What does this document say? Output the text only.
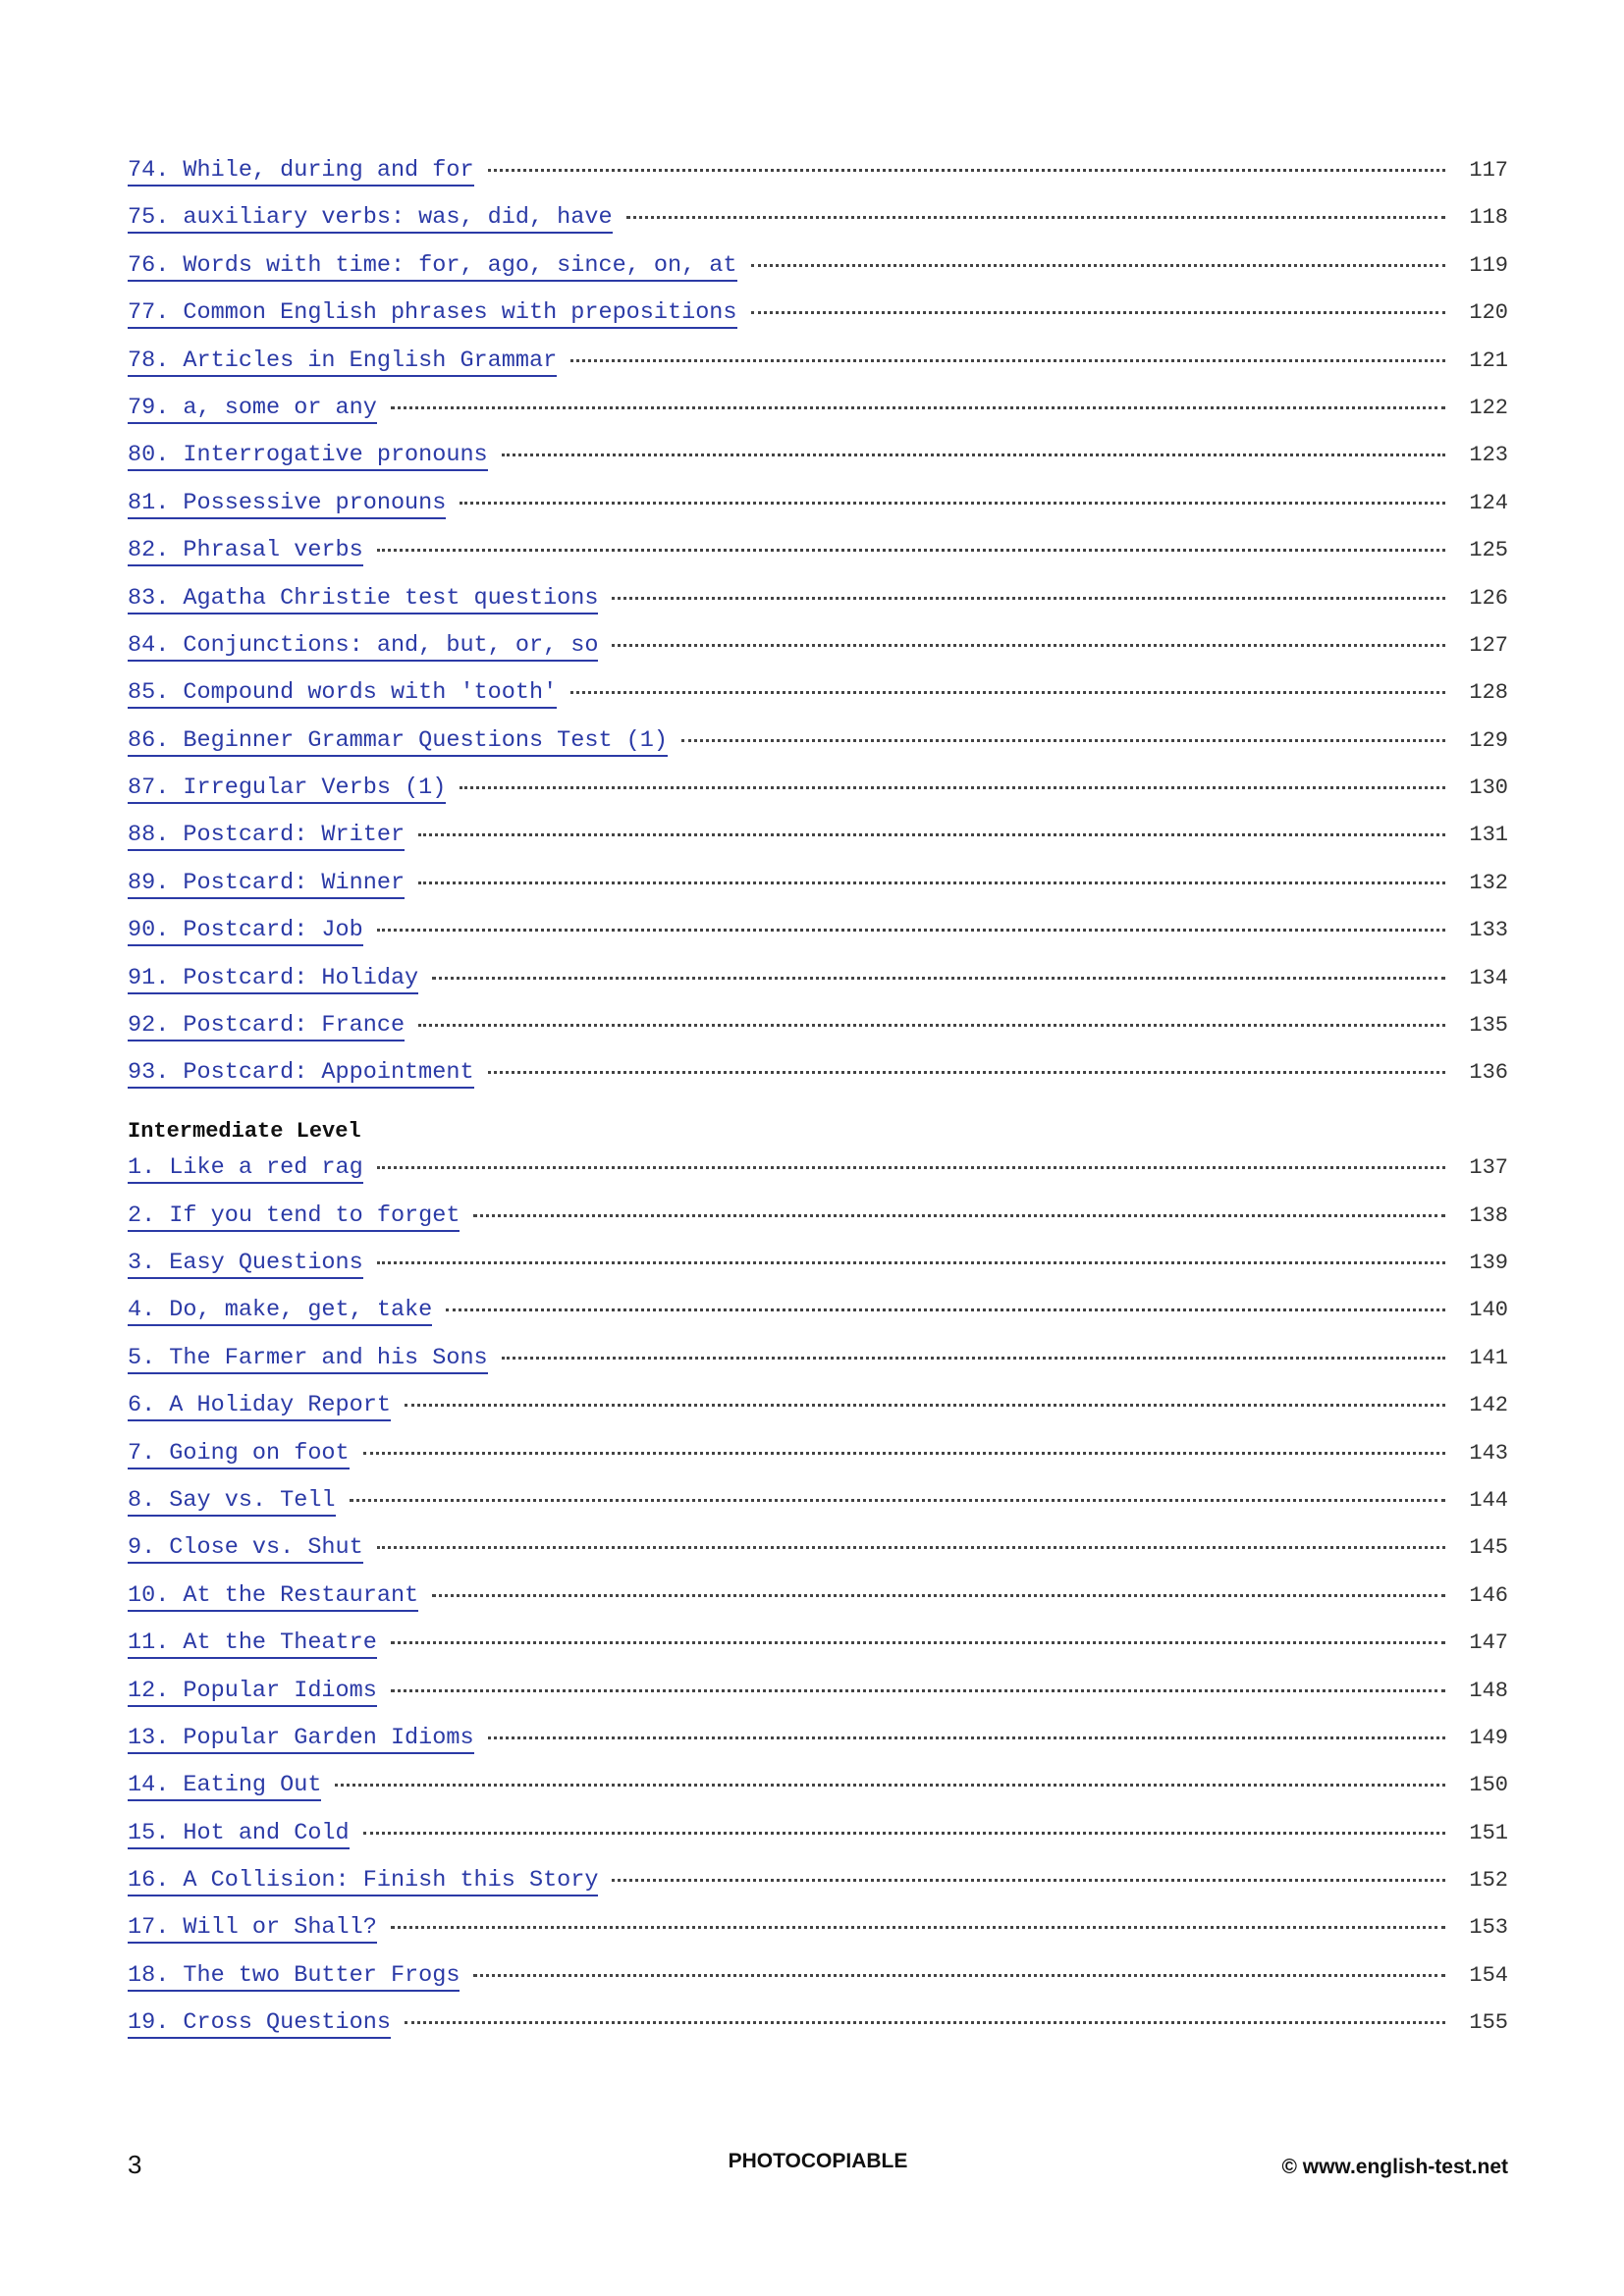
74. While, during and for	117
75. auxiliary verbs: was, did, have	118
76. Words with time: for, ago, since, on, at	119
77. Common English phrases with prepositions	120
78. Articles in English Grammar	121
79. a, some or any	122
80. Interrogative pronouns	123
81. Possessive pronouns	124
82. Phrasal verbs	125
83. Agatha Christie test questions	126
84. Conjunctions: and, but, or, so	127
85. Compound words with 'tooth'	128
86. Beginner Grammar Questions Test (1)	129
87. Irregular Verbs (1)	130
88. Postcard: Writer	131
89. Postcard: Winner	132
90. Postcard: Job	133
91. Postcard: Holiday	134
92. Postcard: France	135
93. Postcard: Appointment	136
Intermediate Level
1. Like a red rag	137
2. If you tend to forget	138
3. Easy Questions	139
4. Do, make, get, take	140
5. The Farmer and his Sons	141
6. A Holiday Report	142
7. Going on foot	143
8. Say vs. Tell	144
9. Close vs. Shut	145
10. At the Restaurant	146
11. At the Theatre	147
12. Popular Idioms	148
13. Popular Garden Idioms	149
14. Eating Out	150
15. Hot and Cold	151
16. A Collision: Finish this Story	152
17. Will or Shall?	153
18. The two Butter Frogs	154
19. Cross Questions	155
3	PHOTOCOPIABLE	© www.english-test.net
